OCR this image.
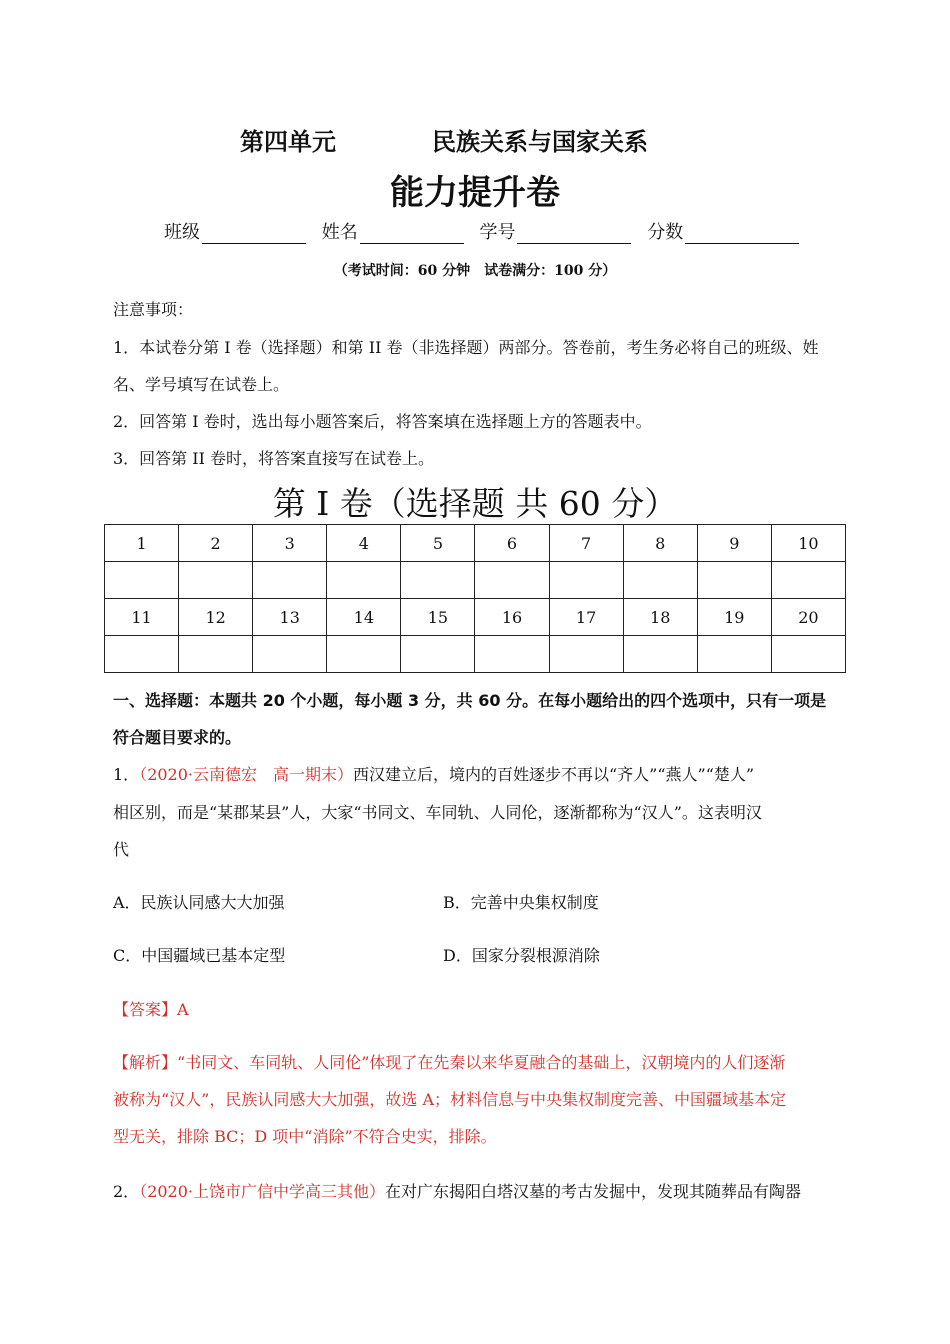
第四单元	民族关系与国家关系
能力提升卷
班级	姓名	学号	分数
（考试时间：60 分钟　试卷满分：100 分）
注意事项：
1．本试卷分第 I 卷（选择题）和第 II 卷（非选择题）两部分。答卷前，考生务必将自己的班级、姓
名、学号填写在试卷上。
2．回答第 I 卷时，选出每小题答案后，将答案填在选择题上方的答题表中。
3．回答第 II 卷时，将答案直接写在试卷上。
第 I 卷（选择题 共 60 分）
1	2	3	4	5	6	7	8	9	10

11	12	13	14	15	16	17	18	19	20

一、选择题：本题共 20 个小题，每小题 3 分，共 60 分。在每小题给出的四个选项中，只有一项是
符合题目要求的。
1．（2020·云南德宏　高一期末）西汉建立后，境内的百姓逐步不再以“齐人”“燕人”“楚人”
相区别，而是“某郡某县”人，大家“书同文、车同轨、人同伦，逐渐都称为“汉人”。这表明汉
代
A．民族认同感大大加强	B．完善中央集权制度
C．中国疆域已基本定型	D．国家分裂根源消除
【答案】A
【解析】“书同文、车同轨、人同伦”体现了在先秦以来华夏融合的基础上，汉朝境内的人们逐渐
被称为“汉人”，民族认同感大大加强，故选 A；材料信息与中央集权制度完善、中国疆域基本定
型无关，排除 BC；D 项中“消除”不符合史实，排除。
2．（2020·上饶市广信中学高三其他）在对广东揭阳白塔汉墓的考古发掘中，发现其随葬品有陶器
